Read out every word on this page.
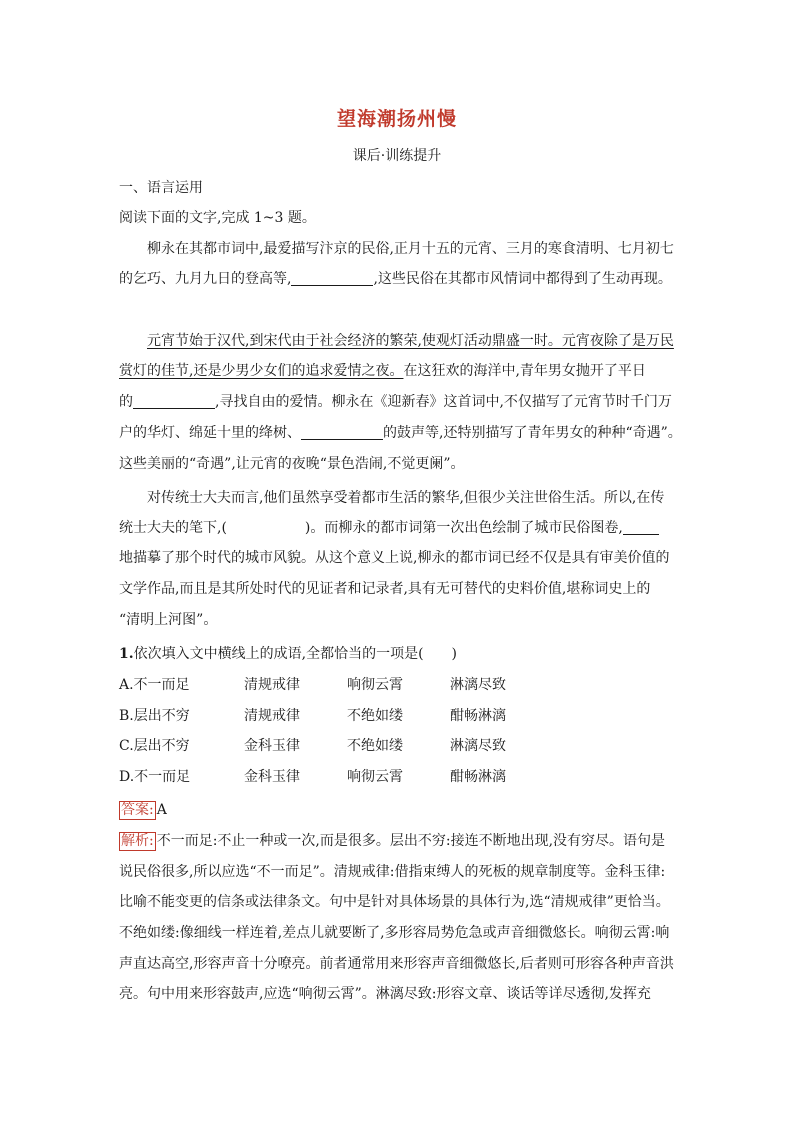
望海潮扬州慢
课后·训练提升
一、语言运用
阅读下面的文字,完成 1~3 题。
柳永在其都市词中,最爱描写汴京的民俗,正月十五的元宵、三月的寒食清明、七月初七
的乞巧、九月九日的登高等,	,这些民俗在其都市风情词中都得到了生动再现。
元宵节始于汉代,到宋代由于社会经济的繁荣,使观灯活动鼎盛一时。元宵夜除了是万民
赏灯的佳节,还是少男少女们的追求爱情之夜。在这狂欢的海洋中,青年男女抛开了平日
的	,寻找自由的爱情。柳永在《迎新春》这首词中,不仅描写了元宵节时千门万
户的华灯、绵延十里的绛树、	的鼓声等,还特别描写了青年男女的种种“奇遇”。
这些美丽的“奇遇”,让元宵的夜晚“景色浩闹,不觉更阑”。
对传统士大夫而言,他们虽然享受着都市生活的繁华,但很少关注世俗生活。所以,在传
统士大夫的笔下,(	)。而柳永的都市词第一次出色绘制了城市民俗图卷,
地描摹了那个时代的城市风貌。从这个意义上说,柳永的都市词已经不仅是具有审美价值的
文学作品,而且是其所处时代的见证者和记录者,具有无可替代的史料价值,堪称词史上的
“清明上河图”。
1.依次填入文中横线上的成语,全都恰当的一项是(　　)
A.不一而足	清规戒律	响彻云霄	淋漓尽致
B.层出不穷	清规戒律	不绝如缕	酣畅淋漓
C.层出不穷	金科玉律	不绝如缕	淋漓尽致
D.不一而足	金科玉律	响彻云霄	酣畅淋漓
答案: A
解析: 不一而足:不止一种或一次,而是很多。层出不穷:接连不断地出现,没有穷尽。语句是
说民俗很多,所以应选“不一而足”。清规戒律:借指束缚人的死板的规章制度等。金科玉律:
比喻不能变更的信条或法律条文。句中是针对具体场景的具体行为,选“清规戒律”更恰当。
不绝如缕:像细线一样连着,差点儿就要断了,多形容局势危急或声音细微悠长。响彻云霄:响
声直达高空,形容声音十分嘹亮。前者通常用来形容声音细微悠长,后者则可形容各种声音洪
亮。句中用来形容鼓声,应选“响彻云霄”。淋漓尽致:形容文章、谈话等详尽透彻,发挥充
